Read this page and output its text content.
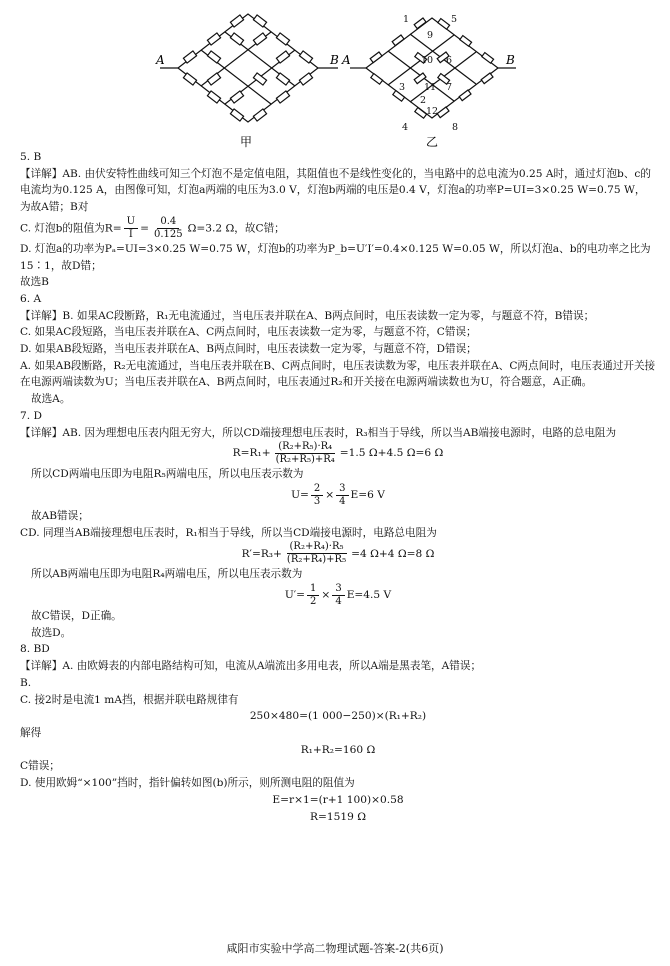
A	B
甲
A	B
1
9
5
10 6
3 11 7
2
12
4	8
乙

5. B

【详解】AB. 由伏安特性曲线可知三个灯泡不是定值电阻，其阻值也不是线性变化的，当电路中的总电流为0.25 A时，通过灯泡b、c的电流均为0.125 A，由图像可知，灯泡a两端的电压为3.0 V，灯泡b两端的电压是0.4 V，灯泡a的功率P=UI=3×0.25 W=0.75 W，为故A错；B对

C. 灯泡b的阻值为$R= \frac{U}{I} = \frac{0.4}{0.125} \Omega=3.2$ Ω，故C错；

D. 灯泡a的功率为Pₐ=UI=3×0.25 W=0.75 W，灯泡b的功率为P_b=U′I′=0.4×0.125 W=0.05 W，所以灯泡a、b的电功率之比为15∶1，故D错；

故选B

6. A

【详解】B. 如果AC段断路，R₁无电流通过，当电压表并联在A、B两点间时，电压表读数一定为零，与题意不符，B错误；

C. 如果AC段短路，当电压表并联在A、C两点间时，电压表读数一定为零，与题意不符，C错误；

D. 如果AB段短路，当电压表并联在A、B两点间时，电压表读数一定为零，与题意不符，D错误；

A. 如果AB段断路，R₂无电流通过，当电压表并联在B、C两点间时，电压表读数为零，电压表并联在A、C两点间时，电压表通过开关接在电源两端读数为U；当电压表并联在A、B两点间时，电压表通过R₂和开关接在电源两端读数也为U，符合题意，A正确。

故选A。

7. D

【详解】AB. 因为理想电压表内阻无穷大，所以CD端接理想电压表时，R₃相当于导线，所以当AB端接电源时，电路的总电阻为

$R=R_1+ \frac{\text{(R₂+R₅)·R₄}}{\text{(R₂+R₅)+R₄}} =1.5$ Ω+4.5 Ω=6 Ω

所以CD两端电压即为电阻R₅两端电压，所以电压表示数为

$U= \frac{2}{3} \times \frac{3}{4} E=6$ V

故AB错误；

CD. 同理当AB端接理想电压表时，R₁相当于导线，所以当CD端接电源时，电路总电阻为

$R'=R_3+ \frac{\text{(R₂+R₄)·R₅}}{\text{(R₂+R₄)+R₅}} =4$ Ω+4 Ω=8 Ω

所以AB两端电压即为电阻R₄两端电压，所以电压表示数为

$U'= \frac{1}{2} \times \frac{3}{4} E=4.5$ V

故C错误，D正确。

故选D。

8. BD

【详解】A. 由欧姆表的内部电路结构可知，电流从A端流出多用电表，所以A端是黑表笔，A错误；

B.

C. 接2时是电流1 mA挡，根据并联电路规律有

250×480=(1 000−250)×(R₁+R₂)

解得

R₁+R₂=160 Ω

C错误；

D. 使用欧姆“×100”挡时，指针偏转如图(b)所示，则所测电阻的阻值为

E=r×1=(r+1 100)×0.58

R=1519 Ω

咸阳市实验中学高二物理试题-答案-2(共6页)
